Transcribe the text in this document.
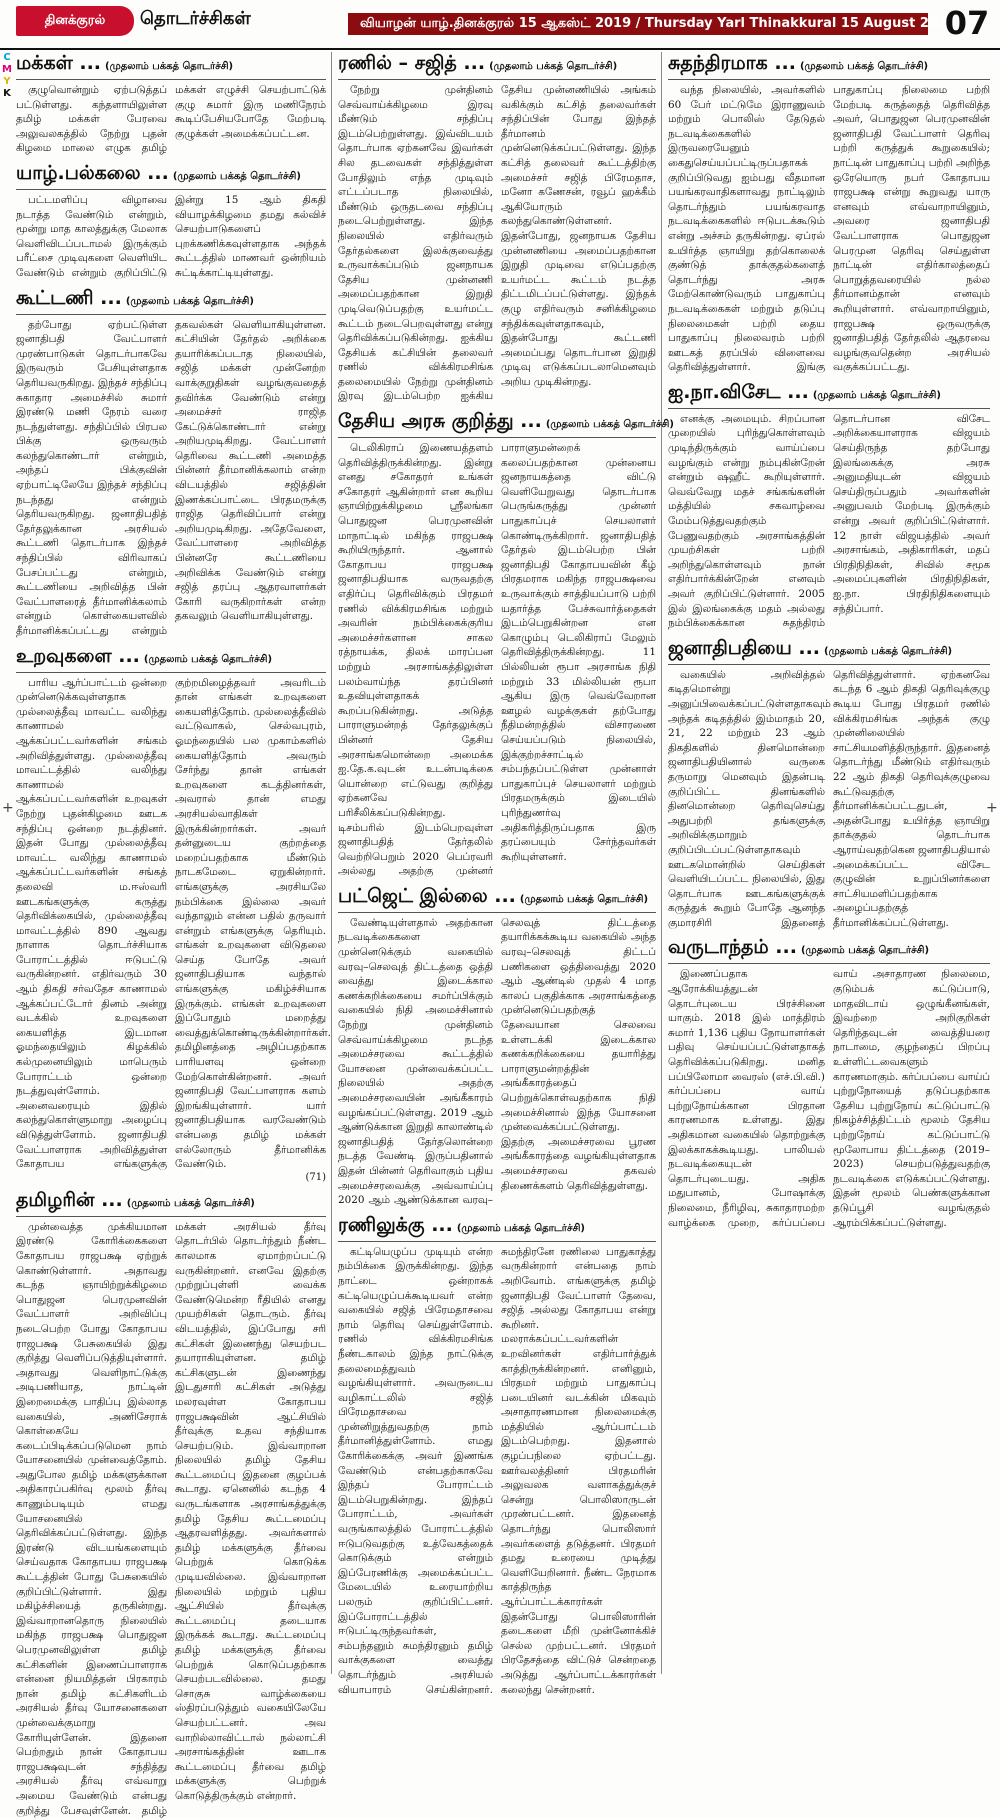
தினக்குரல்	தொடர்ச்சிகள்	வியாழன் யாழ்.தினக்குரல் 15 ஆகஸ்ட் 2019 / Thursday Yarl Thinakkural 15 August 2019
07
C
M
Y
K
மக்கள் ... (முதலாம் பக்கத் தொடர்ச்சி)

குழுவொன்றும் ஏற்படுத்தப் பட்டுள்ளது. கந்தளாயிலுள்ள தமிழ் மக்கள் பேரவை அலுவலகத்தில் நேற்று புதன் கிழமை மாலை எழுக தமிழ் மக்கள் எழுச்சி செயற்பாட்டுக் குழு சுமார் இரு மணிநேரம் கூடிப்பேசியபோதே மேற்படி குழுக்கள் அமைக்கப்பட்டன.

யாழ்.பல்கலை ... (முதலாம் பக்கத் தொடர்ச்சி)

பட்டமளிப்பு விழாவை நடாத்த வேண்டும் என்றும், மூன்று மாத காலத்துக்கு மேலாக வெளிவிடப்படாமல் இருக்கும் பரீட்சை முடிவுகளை வெளியிட வேண்டும் என்றும் குறிப்பிட்டு இன்று 15 ஆம் திகதி வியாழக்கிழமை தமது கல்விச் செயற்பாடுகளைப் புறக்கணிக்கவுள்ளதாக அந்தக் கூட்டத்தில் மாணவர் ஒன்றியம் சுட்டிக்காட்டியுள்ளது.

கூட்டணி ... (முதலாம் பக்கத் தொடர்ச்சி)

தற்போது ஏற்பட்டுள்ள ஜனாதிபதி வேட்பாளர் முரண்பாடுகள் தொடர்பாகவே இருவரும் பேசியுள்ளதாக தெரியவருகிறது. இந்தச் சந்திப்பு சுகாதார அமைச்சில் சுமார் இரண்டு மணி நேரம் வரை நடந்துள்ளது. சந்திப்பில் பிரபல பிக்கு ஒருவரும் கலந்துகொண்டார் என்றும், அந்தப் பிக்குவின் ஏற்பாட்டிலேயே இந்தச் சந்திப்பு நடந்தது என்றும் தெரியவருகிறது. ஜனாதிபதித் தேர்தலுக்கான அரசியல் கூட்டணி தொடர்பாக இந்தச் சந்திப்பில் விரிவாகப் பேசப்பட்டது என்றும், கூட்டணியை அறிவித்த பின் வேட்பாளரைத் தீர்மானிக்கலாம் என்றும் கொள்கையளவில் தீர்மானிக்கப்பட்டது என்றும் தகவல்கள் வெளியாகியுள்ளன. கட்சியின் தேர்தல் அறிக்கை தயாரிக்கப்படாத நிலையில், சஜித் மக்கள் முன்னேற்ற வாக்குறுதிகள் வழங்குவதைத் தவிர்க்க வேண்டும் என்று அமைச்சர் ராஜித கேட்டுக்கொண்டார் என்று அறியமுடிகிறது. வேட்பாளர் தெரிவை கூட்டணி அமைத்த பின்னர் தீர்மானிக்கலாம் என்ற விடயத்தில் சஜித்தின் இணக்கப்பாட்டை பிரதமருக்கு ராஜித தெரிவிப்பார் என்று அறியமுடிகிறது. அதேவேளை, வேட்பாளரை அறிவித்த பின்னரே கூட்டணியை அறிவிக்க வேண்டும் என்று சஜித் தரப்பு ஆதரவாளர்கள் கோரி வருகிறார்கள் என்ற தகவலும் வெளியாகியுள்ளது.

உறவுகளை ... (முதலாம் பக்கத் தொடர்ச்சி)

பாரிய ஆர்ப்பாட்டம் ஒன்றை முன்னெடுக்கவுள்ளதாக முல்லைத்தீவு மாவட்ட வலிந்து காணாமல் ஆக்கப்பட்டவர்களின் சங்கம் அறிவித்துள்ளது. முல்லைத்தீவு மாவட்டத்தில் வலிந்து காணாமல் ஆக்கப்பட்டவர்களின் உறவுகள் நேற்று புதன்கிழமை ஊடக சந்திப்பு ஒன்றை நடத்தினர். இதன் போது முல்லைத்தீவு மாவட்ட வலிந்து காணாமல் ஆக்கப்பட்டவர்களின் சங்கத் தலைவி ம.ஈஸ்வரி ஊடகங்களுக்கு கருத்து தெரிவிக்கையில், முல்லைத்தீவு மாவட்டத்தில் 890 ஆவது நாளாக தொடர்ச்சியாக போராட்டத்தில் ஈடுபட்டு வருகின்றனர். எதிர்வரும் 30 ஆம் திகதி சர்வதேச காணாமல் ஆக்கப்பட்டோர் தினம் அன்று வடக்கில் உறவுகளை கையளித்த இடமான ஓமந்தையிலும் கிழக்கில் கல்முனையிலும் மாபெரும் போராட்டம் ஒன்றை நடத்துவுள்ளோம். அனைவரையும் இதில் கலந்துகொள்ளுமாறு அழைப்பு விடுத்துள்ளோம். ஜனாதிபதி வேட்பாளராக அறிவித்துள்ள கோதாபய எங்களுக்கு குற்றமிழைத்தவர் அவரிடம் தான் எங்கள் உறவுகளை கையளித்தோம். முல்லைத்தீவில் வட்டுவாகல், செல்வபுரம், ஓமந்தையில் பல முகாம்களில் கையளித்தோம் அவரும் சேர்ந்து தான் எங்கள் உறவுகளை கடத்தினர்கள், அவரால் தான் எமது அரசியல்வாதிகள் இருக்கின்றார்கள். அவர் தன்னுடைய குற்றத்தை மறைப்பதற்காக மீண்டும் நாடகமேடை ஏறுகின்றார். எங்களுக்கு அரசியலே நம்பிக்கை இல்லை அவர் வந்தாலும் என்ன பதில் தருவார் என்றும் எங்களுக்கு தெரியும். எங்கள் உறவுகளை விடுதலை செய்த போதே அவர் ஜனாதிபதியாக வந்தால் எங்களுக்கு மகிழ்ச்சியாக இருக்கும். எங்கள் உறவுகளை இப்போதும் மறைத்து வைத்துக்கொண்டிருக்கின்றார்கள். தமிழினத்தை அழிப்பதற்காக பாரியளவு ஒன்றை மேற்கொள்கின்றனர். அவர் ஜனாதிபதி வேட்பாளராக களம் இறங்கியுள்ளார். யார் ஜனாதிபதியாக வரவேண்டும் என்பதை தமிழ் மக்கள் எல்லோரும் தீர்மானிக்க வேண்டும்.

(71)
தமிழரின் ... (முதலாம் பக்கத் தொடர்ச்சி)

முன்வைத்த முக்கியமான இரண்டு கோரிக்கைகளை கோதாபய ராஜபக்ஷ ஏற்றுக் கொண்டுள்ளார். அதாவது கடந்த ஞாயிற்றுக்கிழமை பொதுஜன பெரமுனவின் வேட்பாளர் அறிவிப்பு நடைபெற்ற போது கோதாபய ராஜபக்ஷ பேசுகையில் இது குறித்து வெளிப்படுத்தியுள்ளார். அதாவது வெளிநாட்டுக்கு அடிபணியாத, நாட்டின் இறைமைக்கு பாதிப்பு இல்லாத வகையில், அணிசேராக் கொள்கையே கடைப்பிடிக்கப்படுமென நாம் யோசனையில் முன்வைத்தோம். அதுபோல தமிழ் மக்களுக்கான அதிகாரப்பகிர்வு மூலம் தீர்வு காணும்படியும் எமது யோசனையில் தெரிவிக்கப்பட்டுள்ளது. இந்த இரண்டு விடயங்களையும் செய்வதாக கோதாபய ராஜபக்ஷ கூட்டத்தின் போது பேசுகையில் குறிப்பிட்டுள்ளார். இது மகிழ்ச்சியைத் தருகின்றது. இவ்வாறானதொரு நிலையில் மகிந்த ராஜபக்ஷ பொதுஜன பெரமுனவிலுள்ள தமிழ் கட்சிகளின் இணைப்பாளராக என்னை நியமித்தன் பிரகாரம் நான் தமிழ் கட்சிகளிடம் அரசியல் தீர்வு யோசனைகளை முன்வைக்குமாறு கோரியுள்ளேன். இதனை பெற்றதும் நான் கோதாபய ராஜபக்ஷவுடன் சந்தித்து அரசியல் தீர்வு எவ்வாறு அமைய வேண்டும் என்பது குறித்து பேசவுள்ளேன். தமிழ் மக்கள் அரசியல் தீர்வு தொடர்பில் தொடர்ந்தும் நீண்ட காலமாக ஏமாற்றப்பட்டு வருகின்றனர். எனவே இதற்கு முற்றுப்புள்ளி வைக்க வேண்டுமென்ற ரீதியில் எனது முயற்சிகள் தொடரும். தீர்வு விடயத்தில், இப்போது சரி கட்சிகள் இணைந்து செயற்பட தயாராகியுள்ளன. தமிழ் கட்சிகளுடன் இணைந்து இடதுசாரி கட்சிகள் அடுத்து மலரவுள்ள கோதாபய ராஜபக்ஷவின் ஆட்சியில் தீர்வுக்கு உதவ சந்தியாக செயற்படும். இவ்வாறான நிலையில் தமிழ் தேசிய கூட்டமைப்பு இதனை குழப்பக் கூடாது. ஏனெனில் கடந்த 4 வருடங்களாக அரசாங்கத்துக்கு தமிழ் தேசிய கூட்டமைப்பு ஆதரவளித்தது. அவர்களால் தமிழ் மக்களுக்கு தீர்வை பெற்றுக் கொடுக்க முடியவில்லை. இவ்வாறான நிலையில் மற்றும் புதிய ஆட்சியில் தீர்வுக்கு கூட்டமைப்பு தடையாக இருக்கக் கூடாது. கூட்டமைப்பு தமிழ் மக்களுக்கு தீர்வை பெற்றுக் கொடுப்பதற்காக செயற்படவில்லை. தமது சொகுசு வாழ்க்கையை ஸ்திரப்படுத்தும் வகையிலேயே செயற்பட்டனர். அவ வாறில்லாவிட்டால் நல்லாட்சி அரசாங்கத்தின் ஊடாக கூட்டமைப்பு தீர்வை தமிழ் மக்களுக்கு பெற்றுக் கொடுத்திருக்கும் என்றார்.

ரணில் – சஜித் ... (முதலாம் பக்கத் தொடர்ச்சி)

நேற்று முன்தினம் செவ்வாய்க்கிழமை இரவு மீண்டும் சந்திப்பு இடம்பெற்றுள்ளது. இவ்விடயம் தொடர்பாக ஏற்கனவே இவர்கள் சில தடவைகள் சந்தித்துள்ள போதிலும் எந்த முடிவும் எட்டப்படாத நிலையில், மீண்டும் ஒருதடவை சந்திப்பு நடைபெற்றுள்ளது. இந்த நிலையில் எதிர்வரும் தேர்தல்களை இலக்குவைத்து உருவாக்கப்படும் ஜனநாயக தேசிய முன்னணி அமைப்பதற்கான இறுதி முடிவெடுப்பதற்கு உயர்மட்ட கூட்டம் நடைபெறவுள்ளது என்று தெரிவிக்கப்படுகின்றது. ஐக்கிய தேசியக் கட்சியின் தலைவர் ரணில் விக்கிரமசிங்க தலைமையில் நேற்று முன்தினம் இரவு இடம்பெற்ற ஐக்கிய தேசிய முன்னணியில் அங்கம் வகிக்கும் கட்சித் தலைவர்கள் சந்திப்பின் போது இந்தத் தீர்மானம் முன்னெடுக்கப்பட்டுள்ளது. இந்த கட்சித் தலைவர் கூட்டத்திற்கு அமைச்சர் சஜித் பிரேமதாச, மனோ கணேசன், ரவூப் ஹக்கீம் ஆகியோரும் கலந்துகொண்டுள்ளனர். இதன்போது, ஜனநாயக தேசிய முன்னணியை அமைப்பதற்கான இறுதி முடிவை எடுப்பதற்கு உயர்மட்ட கூட்டம் நடத்த திட்டமிடப்பட்டுள்ளது. இந்தக் குழு எதிர்வரும் சனிக்கிழமை சந்திக்கவுள்ளதாகவும், இதன்போது கூட்டணி அமைப்பது தொடர்பான இறுதி முடிவு எடுக்கப்படலாமெனவும் அறிய முடிகின்றது.

தேசிய அரசு குறித்து ... (முதலாம் பக்கத் தொடர்ச்சி)

டெலிகிராப் இணையத்தளம் தெரிவித்திருக்கின்றது. இன்று எனது சகோதரர் உங்கள் சகோதரர் ஆகின்றார் என கூறிய ஞாயிற்றுக்கிழமை ஸ்ரீலங்கா பொதுஜன பெரமுனவின் மாநாட்டில் மகிந்த ராஜபக்ஷ கூறியிருந்தார். ஆனால் கோதாபய ராஜபக்ஷ ஜனாதிபதியாக வருவதற்கு எதிர்ப்பு தெரிவிக்கும் பிரதமர் ரணில் விக்கிரமசிங்க மற்றும் அவரின் நம்பிக்கைக்குரிய அமைச்சர்களான சாகல ரத்நாயக்க, திலக் மாரப்பன மற்றும் அரசாங்கத்திலுள்ள பலம்வாய்ந்த தரப்பினர் உதவியுள்ளதாகக் கூறப்படுகின்றது. அடுத்த பாராளுமன்றத் தேர்தலுக்குப் பின்னர் தேசிய அரசாங்கமொன்றை அமைக்க ஐ.தே.க.வுடன் உடன்படிக்கை யொன்றை எட்டுவது குறித்து ஏற்கனவே பரிசீலிக்கப்படுகின்றது. டிசம்பரில் இடம்பெறவுள்ள ஜனாதிபதித் தேர்தலில் வெற்றிபெறும் 2020 பெப்ரவரி அல்லது அதற்கு முன்னர் பாராளுமன்றைக் கலைப்பதற்கான முன்னைய ஜனநாயகத்தை விட்டு வெளியேறுவது தொடர்பாக பெருங்கருத்து முன்னர் பாதுகாப்புச் செயலாளர் கொண்டிருக்கிறார். ஜனாதிபதித் தேர்தல் இடம்பெற்ற பின் ஜனாதிபதி கோதாபயவின் கீழ் பிரதமராக மகிந்த ராஜபக்ஷவை உருவாக்கும் சாத்தியப்பாடு பற்றி யதார்த்த பேச்சுவார்த்தைகள் இடம்பெறுகின்றன என கொழும்பு டெலிகிராப் மேலும் தெரிவித்திருக்கின்றது. 11 பில்லியன் ரூபா அரசாங்க நிதி மற்றும் 33 மில்லியன் ரூபா ஆகிய இரு வெவ்வேறான ஊழல் வழக்குகள் தற்போது நீதிமன்றத்தில் விசாரணை செய்யப்படும் நிலையில், இக்குற்றச்சாட்டில் சம்பந்தப்பட்டுள்ள முன்னாள் பாதுகாப்புச் செயலாளர் மற்றும் பிரதமருக்கும் இடையில் புரிந்துணர்வு அதிகரித்திருப்பதாக இரு தரப்பையும் சேர்ந்தவர்கள் கூறியுள்ளனர்.

பட்ஜெட் இல்லை ... (முதலாம் பக்கத் தொடர்ச்சி)

வேண்டியுள்ளதால் அதற்கான நடவடிக்கைகளை முன்னெடுக்கும் வகையில் வரவு–செலவுத் திட்டத்தை ஒத்தி வைத்து இடைக்கால கணக்கறிக்கையை சமர்ப்பிக்கும் வகையில் நிதி அமைச்சினால் நேற்று முன்தினம் செவ்வாய்க்கிழமை நடந்த அமைச்சரவை கூட்டத்தில் யோசனை முன்வைக்கப்பட்ட நிலையில் அதற்கு அமைச்சரவையின் அங்கீகாரம் வழங்கப்பட்டுள்ளது. 2019 ஆம் ஆண்டுக்கான இறுதி காலாண்டில் ஜனாதிபதித் தேர்தலொன்றை நடத்த வேண்டி இருப்பதினால் இதன் பின்னர் தெரிவாகும் புதிய அமைச்சரவைக்கு அவ்வாய்ப்பு 2020 ஆம் ஆண்டுக்கான வரவு–செலவுத் திட்டத்தை தயாரிக்கக்கூடிய வகையில் அந்த வரவு–செலவுத் திட்டப் பணிகளை ஒத்திவைத்து 2020 ஆம் ஆண்டில் முதல் 4 மாத காலப் பகுதிக்காக அரசாங்கத்தை முன்னெடுப்பதற்குத் தேவையான செலவை உள்ளடக்கி இடைக்கால கணக்கறிக்கையை தயாரித்து பாராளுமன்றத்தின் அங்கீகாரத்தைப் பெற்றுக்கொள்வதற்காக நிதி அமைச்சினால் இந்த யோசனை முன்வைக்கப்பட்டுள்ளது. இதற்கு அமைச்சரவை பூரண அங்கீகாரத்தை வழங்கியுள்ளதாக அமைச்சரவை தகவல் திணைக்களம் தெரிவித்துள்ளது.

ரணிலுக்கு ... (முதலாம் பக்கத் தொடர்ச்சி)

கட்டியெழுப்ப முடியும் என்ற நம்பிக்கை இருக்கின்றது. இந்த நாட்டை ஒன்றாகக் கட்டியெழுப்பக்கூடியவர் என்ற வகையில் சஜித் பிரேமதாசவை நாம் தெரிவு செய்துள்ளோம். ரணில் விக்கிரமசிங்க நீண்டகாலம் இந்த நாட்டுக்கு தலைமைத்துவம் வழங்கியுள்ளார். அவருடைய வழிகாட்டலில் சஜித் பிரேமதாசவை முன்னிறுத்துவதற்கு நாம் தீர்மானித்துள்ளோம். எமது கோரிக்கைக்கு அவர் இணங்க வேண்டும் என்பதற்காகவே இந்தப் போராட்டம் இடம்பெறுகின்றது. இந்தப் போராட்டம், அவர்கள் வருங்காலத்தில் போராட்டத்தில் ஈடுபடுவதற்கு உத்வேகத்தைக் கொடுக்கும் என்றும் இப்பேரணிக்கு அமைக்கப்பட்ட மேடையில் உரையாற்றிய பலரும் குறிப்பிட்டனர். இப்போராட்டத்தில் ஈடுபட்டிருந்தவர்கள், சம்பந்தனும் சுமந்திரனும் தமிழ் வாக்குகளை வைத்து தொடர்ந்தும் அரசியல் வியாபாரம் செய்கின்றனர். சுமந்திரனே ரணிலை பாதுகாத்து வருகின்றார் என்பதை நாம் அறிவோம். எங்களுக்கு தமிழ் ஜனாதிபதி வேட்பாளர் தேவை, சஜித் அல்லது கோதாபய என்று கூறினர். மலராக்கப்பட்டவர்களின் உறவினர்கள் எதிர்பார்த்துக் காத்திருக்கின்றனர். எனினும், பிரதமர் மற்றும் பாதுகாப்பு படையினர் வடக்கின் மிகவும் அசாதாரணமான நிலைமைக்கு மத்தியில் ஆர்ப்பாட்டம் இடம்பெற்றது. இதனால் குழப்பநிலை ஏற்பட்டது. ஊர்வலத்தினர் பிரதமரின் அலுவலக வளாகத்துக்குச் சென்று பொலிஸாருடன் முரண்பட்டனர். இதனைத் தொடர்ந்து பொலிஸார் அவர்களைத் தடுத்தனர். பிரதமர் தமது உரையை முடித்து வெளியேறினார். நீண்ட நேரமாக காத்திருந்த ஆர்ப்பாட்டக்காரர்கள் இதன்போது பொலிஸாரின் தடைகளை மீறி முன்னோக்கிச் செல்ல முற்பட்டனர். பிரதமர் பிரதேசத்தை விட்டுச் சென்றதை அடுத்து ஆர்ப்பாட்டக்காரர்கள் கலைந்து சென்றனர்.

சுதந்திரமாக ... (முதலாம் பக்கத் தொடர்ச்சி)

வந்த நிலையில், அவர்களில் 60 பேர் மட்டுமே இராணுவம் மற்றும் பொலிஸ் தேடுதல் நடவடிக்கைகளில் இருவரையேனும் கைதுசெய்யப்பட்டிருப்பதாகக் குறிப்பிடுவது ஐம்பது வீதமான பயங்கரவாதிகளாவது நாட்டிலும் தொடர்ந்தும் பயங்கரவாத நடவடிக்கைகளில் ஈடுபடக்கூடும் என்று அச்சம் தருகின்றது. ஏப்ரல் உயிர்த்த ஞாயிறு தற்கொலைக் குண்டுத் தாக்குதல்களைத் தொடர்ந்து அரசு மேற்கொண்டுவரும் பாதுகாப்பு நடவடிக்கைகள் மற்றும் தடுப்பு நிலைமைகள் பற்றி தைய பாதுகாப்பு நிலைவரம் பற்றி ஊடகத் தரப்பில் விளைவை தெரிவித்துள்ளார். இங்கு பாதுகாப்பு நிலைமை பற்றி மேற்படி கருத்தைத் தெரிவித்த அவர், பொதுஜன பெரமுனவின் ஜனாதிபதி வேட்பாளர் தெரிவு பற்றி கருத்துக் கூறுகையில்; நாட்டின் பாதுகாப்பு பற்றி அறிந்த ஒரேயொரு நபர் கோதாபய ராஜபக்ஷ என்று கூறுவது யாரு எனவும் எவ்வாறாயினும், அவரை ஜனாதிபதி வேட்பாளராக பொதுஜன பெரமுன தெரிவு செய்துள்ள நாட்டின் எதிர்காலத்தைப் பொறுத்தவரையில் நல்ல தீர்மானம்தான் எனவும் கூறியுள்ளார். எவ்வாறாயினும், ராஜபக்ஷ ஒருவருக்கு ஜனாதிபதித் தேர்தலில் ஆதரவை வழங்குவதென்ற அரசியல் வகுக்கப்பட்டது.

ஐ.நா.விசேட ... (முதலாம் பக்கத் தொடர்ச்சி)

எனக்கு அமையும். சிறப்பான முறையில் புரிந்துகொள்ளவும் முடிந்திருக்கும் வாய்ப்பை வழங்கும் என்று நம்புகின்றேன் என்றும் ஷஹீட் கூறியுள்ளார். வெவ்வேறு மதச் சங்கங்களின் மத்தியில் சகவாழ்வை மேம்படுத்துவதற்கும் பேணுவதற்கும் அரசாங்கத்தின் முயற்சிகள் பற்றி அறிந்துகொள்ளவும் நான் எதிர்பார்க்கின்றேன் எனவும் அவர் குறிப்பிட்டுள்ளார். 2005 இல் இலங்கைக்கு மதம் அல்லது நம்பிக்கைக்கான சுதந்திரம் தொடர்பான விசேட அறிக்கையாளராக விஜயம் செய்திருந்த தற்போது இலங்கைக்கு அரசு அனுமதியுடன் விஜயம் செய்திருப்பதும் அவர்களின் அனுபவம் மேற்படி இருக்கும் என்று அவர் குறிப்பிட்டுள்ளார். 12 நாள் விஜயத்தில் அவர் அரசாங்கம், அதிகாரிகள், மதப் பிரதிநிதிகள், சிவில் சமூக அமைப்புகளின் பிரதிநிதிகள், ஐ.நா. பிரதிநிதிகளையும் சந்திப்பார்.

ஜனாதிபதியை ... (முதலாம் பக்கத் தொடர்ச்சி)

வகையில் அறிவித்தல் கடிதமொன்று அனுப்பிவைக்கப்பட்டுள்ளதாகவும் அந்தக் கடிதத்தில் இம்மாதம் 20, 21, 22 மற்றும் 23 ஆம் திகதிகளில் தினமொன்றை ஜனாதிபதியினால் வருகை தருமாறு மெனவும் இதன்படி குறிப்பிட்ட தினங்களில் தினமொன்றை தெரிவுசெய்து அதுபற்றி தங்களுக்கு அறிவிக்குமாறும் குறிப்பிடப்பட்டுள்ளதாகவும் ஊடகமொன்றில் செய்திகள் வெளியிடப்பட்ட நிலையில், இது தொடர்பாக ஊடகங்களுக்குக் கருத்துக் கூறும் போதே ஆனந்த குமாரசிரி இதனைத் தெரிவித்துள்ளார். ஏற்கனவே கடந்த 6 ஆம் திகதி தெரிவுக்குழு கூடிய போது பிரதமர் ரணில் விக்கிரமசிங்க அந்தக் குழு முன்னிலையில் சாட்சியமளித்திருந்தார். இதனைத் தொடர்ந்து மீண்டும் எதிர்வரும் 22 ஆம் திகதி தெரிவுக்குழுவை கூட்டுவதற்கு தீர்மானிக்கப்பட்டதுடன், அதன்போது உயிர்த்த ஞாயிறு தாக்குதல் தொடர்பாக ஆராய்வதற்கென ஜனாதிபதியால் அமைக்கப்பட்ட விசேட குழுவின் உறுப்பினர்களை சாட்சியமளிப்பதற்காக அழைப்பதற்குத் தீர்மானிக்கப்பட்டுள்ளது.

வருடாந்தம் ... (முதலாம் பக்கத் தொடர்ச்சி)

இணைப்பதாக ஆரோக்கியத்துடன் தொடர்புடைய பிரச்சினை யாகும். 2018 இல் மாத்திரம் சுமார் 1,136 புதிய நோயாளர்கள் பதிவு செய்யப்பட்டுள்ளதாகத் தெரிவிக்கப்படுகிறது. மனித பப்பிலோமா வைரஸ் (எச்.பி.வி.) கர்ப்பப்பை வாய் புற்றுநோய்க்கான பிரதான காரணமாக உள்ளது. இது அதிகமான வகையில் தொற்றுக்கு இலக்காகக்கூடியது. பாலியல் நடவடிக்கையுடன் தொடர்புடையது. அதிக மதுபானம், போஷாக்கு நிலைமை, நீரிழிவு, சுகாதாரமற்ற வாழ்க்கை முறை, கர்ப்பப்பை வாய் அசாதாரண நிலைமை, குடும்பக் கட்டுப்பாடு, மாதவிடாய் ஒழுங்கீனங்கள், இவற்றை அறிகுறிகள் தெரிந்தவுடன் வைத்தியரை நாடாமை, குழந்தைப் பிறப்பு உள்ளிட்டவைகளும் காரணமாகும். கர்ப்பப்பை வாய்ப் புற்றுநோயைத் தடுப்பதற்காக தேசிய புற்றுநோய் கட்டுப்பாட்டு நிகழ்ச்சித்திட்டம் மூலம் தேசிய புற்றுநோய் கட்டுப்பாட்டு மூலோபாய திட்டத்தை (2019–2023) செயற்படுத்துவதற்கு நடவடிக்கை எடுக்கப்பட்டுள்ளது. இதன் மூலம் பெண்களுக்கான தடுப்பூசி வழங்குதல் ஆரம்பிக்கப்பட்டுள்ளது.

+	+
